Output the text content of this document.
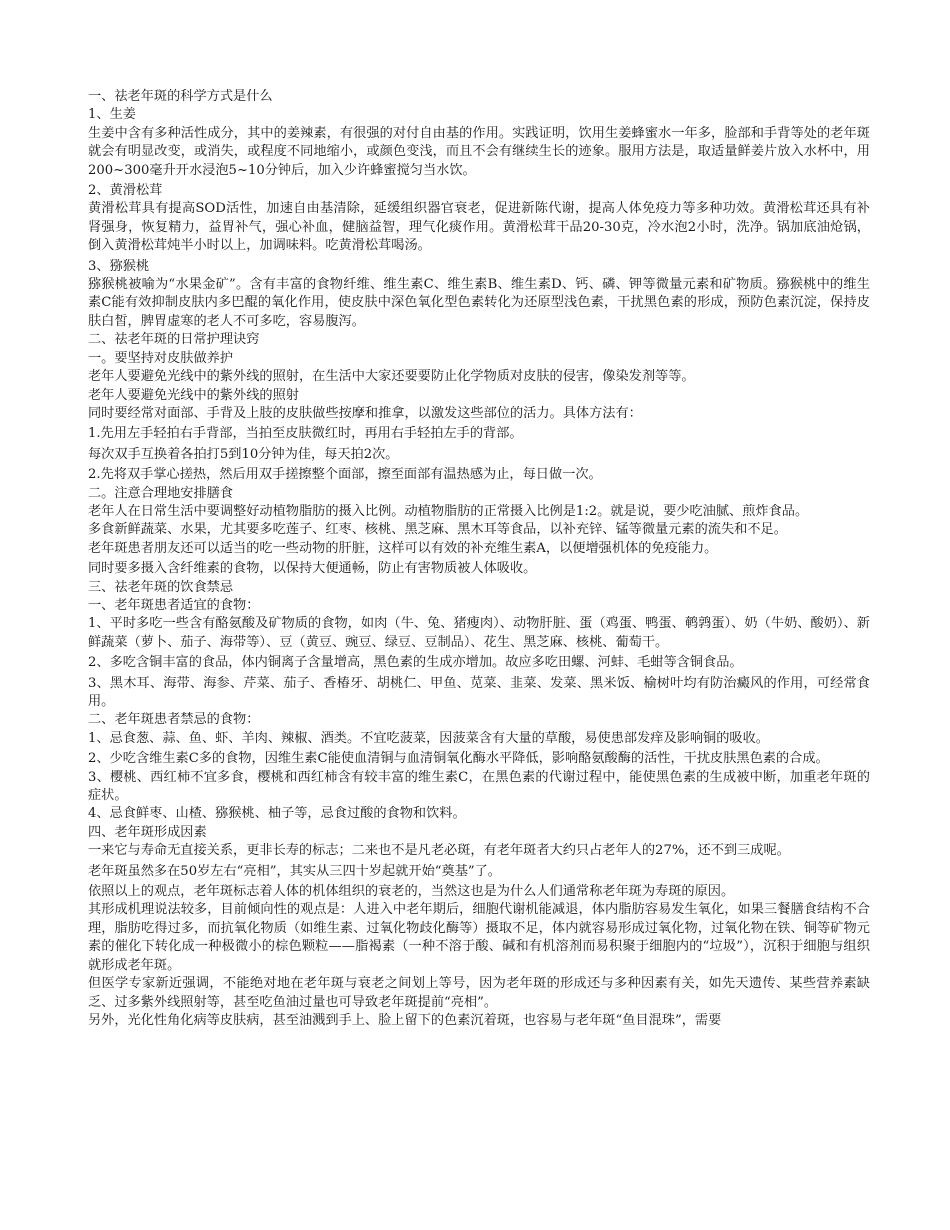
一、祛老年斑的科学方式是什么

1、生姜

生姜中含有多种活性成分，其中的姜辣素，有很强的对付自由基的作用。实践证明，饮用生姜蜂蜜水一年多，脸部和手背等处的老年斑就会有明显改变，或消失，或程度不同地缩小，或颜色变浅，而且不会有继续生长的迹象。服用方法是，取适量鲜姜片放入水杯中，用200~300毫升开水浸泡5~10分钟后，加入少许蜂蜜搅匀当水饮。

2、黄滑松茸

黄滑松茸具有提高SOD活性，加速自由基清除，延缓组织器官衰老，促进新陈代谢，提高人体免疫力等多种功效。黄滑松茸还具有补肾强身，恢复精力，益胃补气，强心补血，健脑益智，理气化痰作用。黄滑松茸干品20-30克，冷水泡2小时，洗净。锅加底油炝锅，倒入黄滑松茸炖半小时以上，加调味料。吃黄滑松茸喝汤。

3、猕猴桃

猕猴桃被喻为“水果金矿”。含有丰富的食物纤维、维生素C、维生素B、维生素D、钙、磷、钾等微量元素和矿物质。猕猴桃中的维生素C能有效抑制皮肤内多巴醌的氧化作用，使皮肤中深色氧化型色素转化为还原型浅色素，干扰黑色素的形成，预防色素沉淀，保持皮肤白皙，脾胃虚寒的老人不可多吃，容易腹泻。

二、祛老年斑的日常护理诀窍

一。要坚持对皮肤做养护

老年人要避免光线中的紫外线的照射，在生活中大家还要要防止化学物质对皮肤的侵害，像染发剂等等。

老年人要避免光线中的紫外线的照射

同时要经常对面部、手背及上肢的皮肤做些按摩和推拿，以激发这些部位的活力。具体方法有：

1.先用左手轻拍右手背部，当拍至皮肤微红时，再用右手轻拍左手的背部。

每次双手互换着各拍打5到10分钟为佳，每天拍2次。

2.先将双手掌心搓热，然后用双手搓擦整个面部，擦至面部有温热感为止，每日做一次。

二。注意合理地安排膳食

老年人在日常生活中要调整好动植物脂肪的摄入比例。动植物脂肪的正常摄入比例是1:2。就是说，要少吃油腻、煎炸食品。

多食新鲜蔬菜、水果，尤其要多吃莲子、红枣、核桃、黑芝麻、黑木耳等食品，以补充锌、锰等微量元素的流失和不足。

老年斑患者朋友还可以适当的吃一些动物的肝脏，这样可以有效的补充维生素A，以便增强机体的免疫能力。

同时要多摄入含纤维素的食物，以保持大便通畅，防止有害物质被人体吸收。

三、祛老年斑的饮食禁忌

一、老年斑患者适宜的食物：

1、平时多吃一些含有酪氨酸及矿物质的食物，如肉（牛、兔、猪瘦肉）、动物肝脏、蛋（鸡蛋、鸭蛋、鹌鹑蛋）、奶（牛奶、酸奶）、新鲜蔬菜（萝卜、茄子、海带等）、豆（黄豆、豌豆、绿豆、豆制品）、花生、黑芝麻、核桃、葡萄干。

2、多吃含铜丰富的食品，体内铜离子含量增高，黑色素的生成亦增加。故应多吃田螺、河蚌、毛蚶等含铜食品。

3、黑木耳、海带、海参、芹菜、茄子、香椿牙、胡桃仁、甲鱼、苋菜、韭菜、发菜、黑米饭、榆树叶均有防治癜风的作用，可经常食用。

二、老年斑患者禁忌的食物：

1、忌食葱、蒜、鱼、虾、羊肉、辣椒、酒类。不宜吃菠菜，因菠菜含有大量的草酸，易使患部发痒及影响铜的吸收。

2、少吃含维生素C多的食物，因维生素C能使血清铜与血清铜氧化酶水平降低，影响酪氨酸酶的活性，干扰皮肤黑色素的合成。

3、樱桃、西红柿不宜多食，樱桃和西红柿含有较丰富的维生素C，在黑色素的代谢过程中，能使黑色素的生成被中断，加重老年斑的症状。

4、忌食鲜枣、山楂、猕猴桃、柚子等，忌食过酸的食物和饮料。

四、老年斑形成因素

一来它与寿命无直接关系，更非长寿的标志；二来也不是凡老必斑，有老年斑者大约只占老年人的27%，还不到三成呢。

老年斑虽然多在50岁左右“亮相”，其实从三四十岁起就开始“奠基”了。

依照以上的观点，老年斑标志着人体的机体组织的衰老的，当然这也是为什么人们通常称老年斑为寿斑的原因。

其形成机理说法较多，目前倾向性的观点是：人进入中老年期后，细胞代谢机能减退，体内脂肪容易发生氧化，如果三餐膳食结构不合理，脂肪吃得过多，而抗氧化物质（如维生素、过氧化物歧化酶等）摄取不足，体内就容易形成过氧化物，过氧化物在铁、铜等矿物元素的催化下转化成一种极微小的棕色颗粒——脂褐素（一种不溶于酸、碱和有机溶剂而易积聚于细胞内的“垃圾”），沉积于细胞与组织就形成老年斑。

但医学专家新近强调，不能绝对地在老年斑与衰老之间划上等号，因为老年斑的形成还与多种因素有关，如先天遗传、某些营养素缺乏、过多紫外线照射等，甚至吃鱼油过量也可导致老年斑提前“亮相”。

另外，光化性角化病等皮肤病，甚至油溅到手上、脸上留下的色素沉着斑，也容易与老年斑“鱼目混珠”，需要
